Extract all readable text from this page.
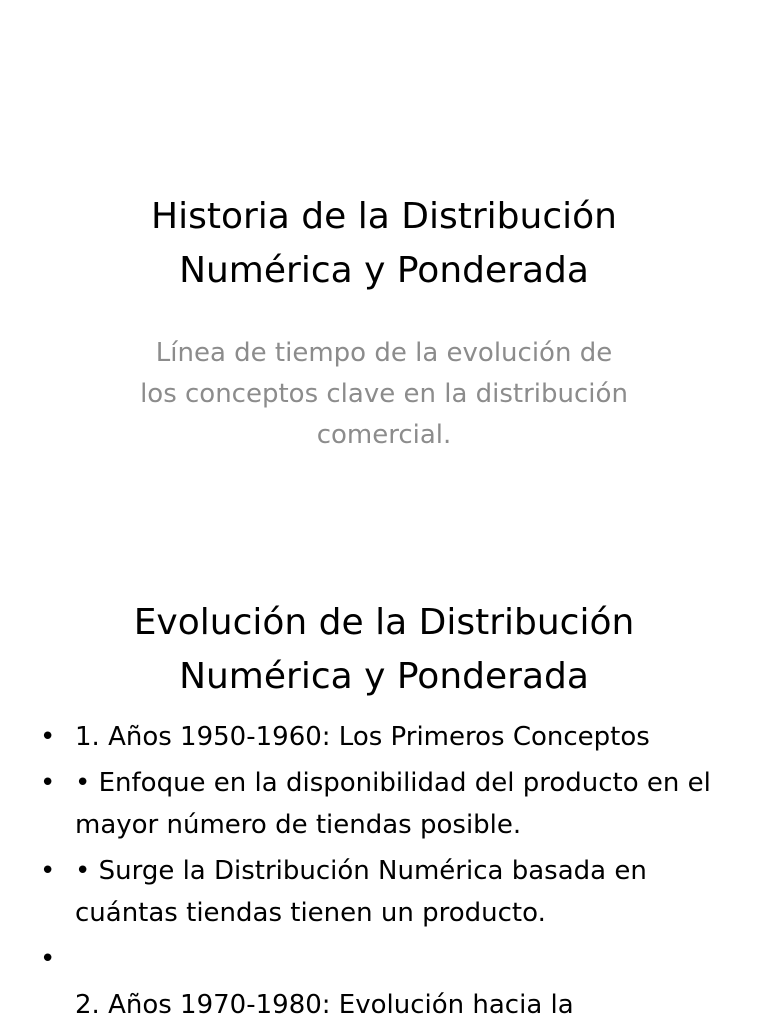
Historia de la Distribución
Numérica y Ponderada

Línea de tiempo de la evolución de
los conceptos clave en la distribución
comercial.

Evolución de la Distribución
Numérica y Ponderada
• 1. Años 1950-1960: Los Primeros Conceptos
• • Enfoque en la disponibilidad del producto en el mayor número de tiendas posible.
• • Surge la Distribución Numérica basada en cuántas tiendas tienen un producto.
•
2. Años 1970-1980: Evolución hacia la
